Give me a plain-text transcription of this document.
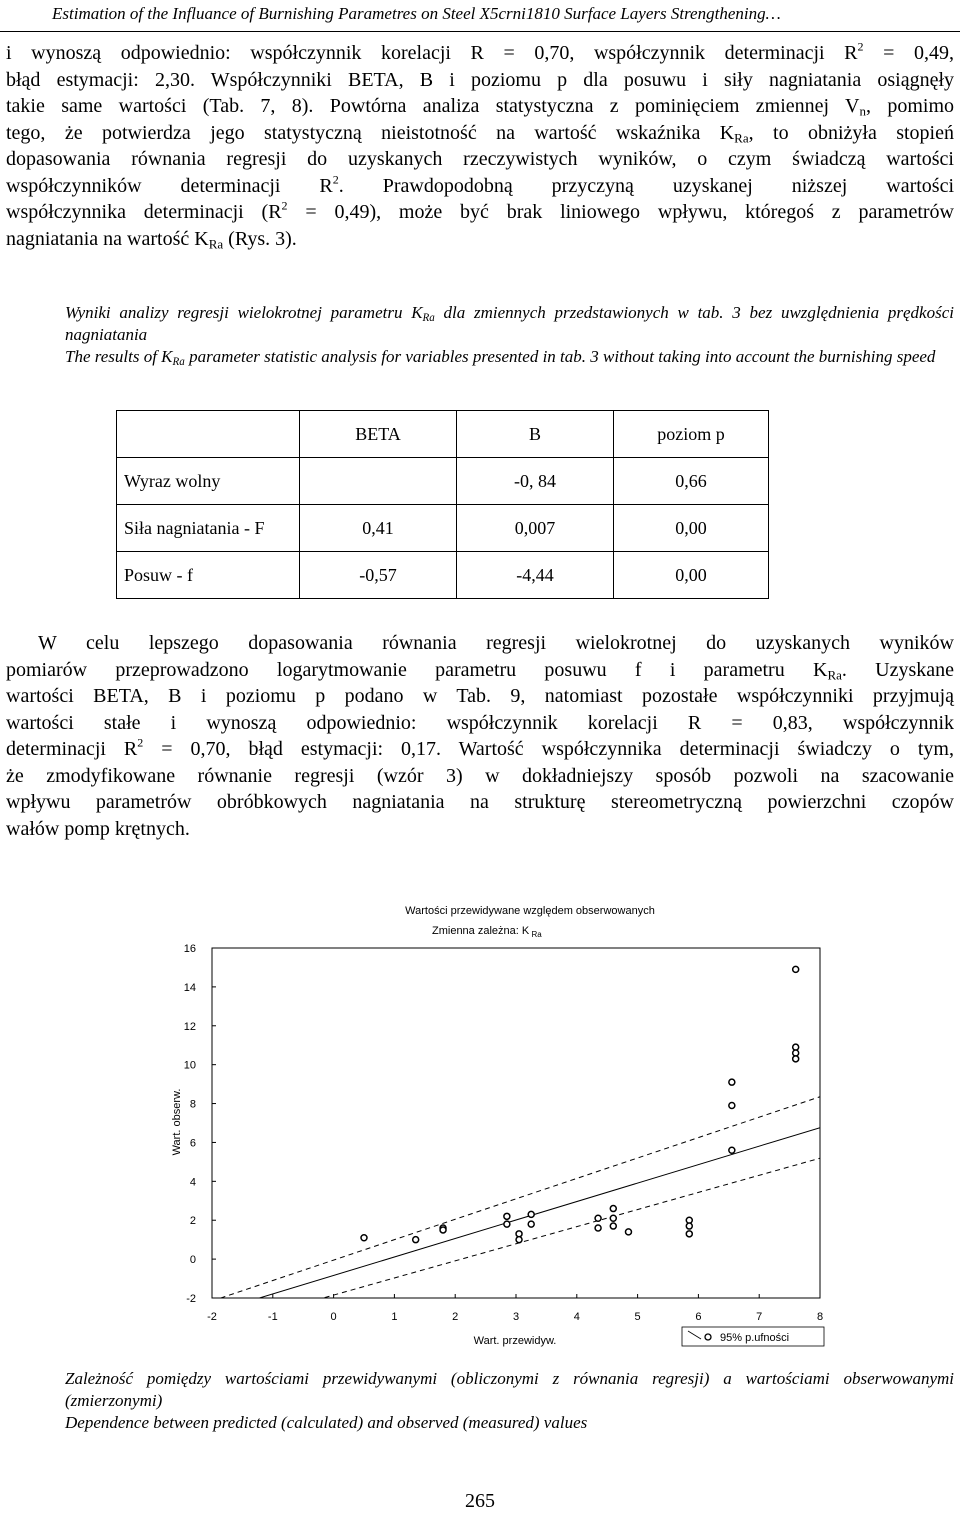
Estimation of the Influance of Burnishing Parametres on Steel X5crni1810 Surface Layers Strengthening…
i wynoszą odpowiednio: współczynnik korelacji R = 0,70, współczynnik determinacji $R^2 = 0,49$,
błąd estymacji: 2,30. Współczynniki BETA, B i poziomu p dla posuwu i siły nagniatania osiągnęły
takie same wartości (Tab. 7, 8). Powtórna analiza statystyczna z pominięciem zmiennej $V_n$, pomimo
tego, że potwierdza jego statystyczną nieistotność na wartość wskaźnika $K_{Ra}$, to obniżyła stopień
dopasowania równania regresji do uzyskanych rzeczywistych wyników, o czym świadczą wartości
współczynników determinacji $R^2$. Prawdopodobną przyczyną uzyskanej niższej wartości
współczynnika determinacji $(R^2 = 0,49)$, może być brak liniowego wpływu, któregoś z parametrów
nagniatania na wartość $K_{Ra}$ (Rys. 3).
Wyniki analizy regresji wielokrotnej parametru $K_{Ra}$ dla zmiennych przedstawionych w tab. 3 bez uwzględnienia prędkości nagniatania
The results of $K_{Ra}$ parameter statistic analysis for variables presented in tab. 3 without taking into account the burnishing speed
	BETA	B	poziom p
Wyraz wolny		-0, 84	0,66
Siła nagniatania - F	0,41	0,007	0,00
Posuw - f	-0,57	-4,44	0,00
W celu lepszego dopasowania równania regresji wielokrotnej do uzyskanych wyników
pomiarów przeprowadzono logarytmowanie parametru posuwu f i parametru $K_{Ra}$. Uzyskane
wartości BETA, B i poziomu p podano w Tab. 9, natomiast pozostałe współczynniki przyjmują
wartości stałe i wynoszą odpowiednio: współczynnik korelacji R = 0,83, współczynnik
determinacji $R^2 = 0,70$, błąd estymacji: 0,17. Wartość współczynnika determinacji świadczy o tym,
że zmodyfikowane równanie regresji (wzór 3) w dokładniejszy sposób pozwoli na szacowanie
wpływu parametrów obróbkowych nagniatania na strukturę stereometryczną powierzchni czopów
wałów pomp krętnych.
16
14
12
10
8
6
4
2
0
-2
-2	-1	0	1	2	3	4	5	6	7	8
Wartości przewidywane względem obserwowanych
Zmienna zależna: K $_{Ra}$
Wart. przewidyw.
Wart. obserw.
95% p.ufności
Zależność pomiędzy wartościami przewidywanymi (obliczonymi z równania regresji) a wartościami obserwowanymi (zmierzonymi)
Dependence between predicted (calculated) and observed (measured) values
265
